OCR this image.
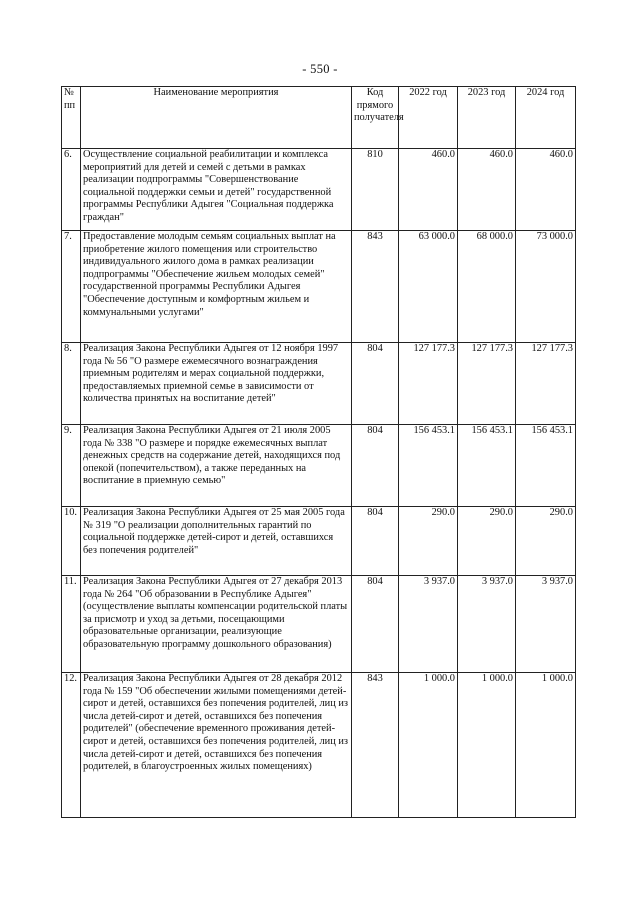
- 550 -
№ пп	Наименование мероприятия	Код прямого получателя	2022 год	2023 год	2024 год
6.	Осуществление социальной реабилитации и комплекса мероприятий для детей и семей с детьми в рамках реализации подпрограммы "Совершенствование социальной поддержки семьи и детей" государственной программы Республики Адыгея "Социальная поддержка граждан"	810	460.0	460.0	460.0
7.	Предоставление молодым семьям социальных выплат на приобретение жилого помещения или строительство индивидуального жилого дома в рамках реализации подпрограммы "Обеспечение жильем молодых семей" государственной программы Республики Адыгея "Обеспечение доступным и комфортным жильем и коммунальными услугами"	843	63 000.0	68 000.0	73 000.0
8.	Реализация Закона Республики Адыгея от 12 ноября 1997 года № 56 "О размере ежемесячного вознаграждения приемным родителям и мерах социальной поддержки, предоставляемых приемной семье в зависимости от количества принятых на воспитание детей"	804	127 177.3	127 177.3	127 177.3
9.	Реализация Закона Республики Адыгея от 21 июля 2005 года № 338 "О размере и порядке ежемесячных выплат денежных средств на содержание детей, находящихся под опекой (попечительством), а также переданных на воспитание в приемную семью"	804	156 453.1	156 453.1	156 453.1
10.	Реализация Закона Республики Адыгея от 25 мая 2005 года № 319 "О реализации дополнительных гарантий по социальной поддержке детей-сирот и детей, оставшихся без попечения родителей"	804	290.0	290.0	290.0
11.	Реализация Закона Республики Адыгея от 27 декабря 2013 года № 264 "Об образовании в Республике Адыгея" (осуществление выплаты компенсации родительской платы за присмотр и уход за детьми, посещающими образовательные организации, реализующие образовательную программу дошкольного образования)	804	3 937.0	3 937.0	3 937.0
12.	Реализация Закона Республики Адыгея от 28 декабря 2012 года № 159 "Об обеспечении жилыми помещениями детей-сирот и детей, оставшихся без попечения родителей, лиц из числа детей-сирот и детей, оставшихся без попечения родителей" (обеспечение временного проживания детей-сирот и детей, оставшихся без попечения родителей, лиц из числа детей-сирот и детей, оставшихся без попечения родителей, в благоустроенных жилых помещениях)	843	1 000.0	1 000.0	1 000.0
